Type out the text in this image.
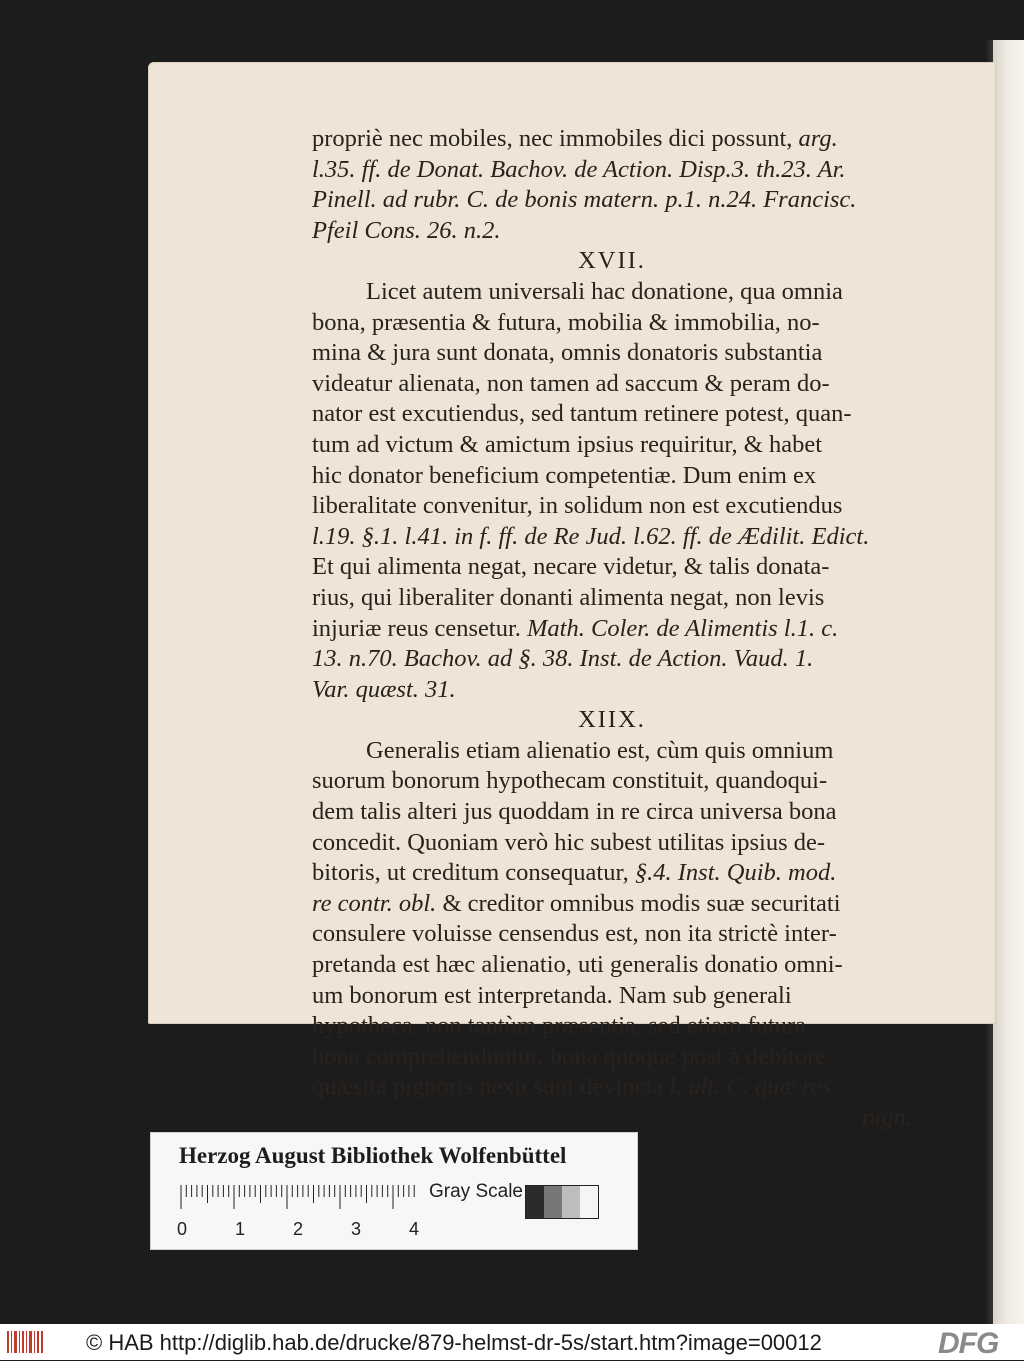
propriè nec mobiles, nec immobiles dici possunt, arg.
l.35. ff. de Donat. Bachov. de Action. Disp.3. th.23. Ar.
Pinell. ad rubr. C. de bonis matern. p.1. n.24. Francisc.
Pfeil Cons. 26. n.2.
XVII.
Licet autem universali hac donatione, qua omnia
bona, præsentia & futura, mobilia & immobilia, no-
mina & jura sunt donata, omnis donatoris substantia
videatur alienata, non tamen ad saccum & peram do-
nator est excutiendus, sed tantum retinere potest, quan-
tum ad victum & amictum ipsius requiritur, & habet
hic donator beneficium competentiæ. Dum enim ex
liberalitate convenitur, in solidum non est excutiendus
l.19. §.1. l.41. in f. ff. de Re Jud. l.62. ff. de Ædilit. Edict.
Et qui alimenta negat, necare videtur, & talis donata-
rius, qui liberaliter donanti alimenta negat, non levis
injuriæ reus censetur. Math. Coler. de Alimentis l.1. c.
13. n.70. Bachov. ad §. 38. Inst. de Action. Vaud. 1.
Var. quæst. 31.
XIIX.
Generalis etiam alienatio est, cùm quis omnium
suorum bonorum hypothecam constituit, quandoqui-
dem talis alteri jus quoddam in re circa universa bona
concedit. Quoniam verò hic subest utilitas ipsius de-
bitoris, ut creditum consequatur, §.4. Inst. Quib. mod.
re contr. obl. & creditor omnibus modis suæ securitati
consulere voluisse censendus est, non ita strictè inter-
pretanda est hæc alienatio, uti generalis donatio omni-
um bonorum est interpretanda. Nam sub generali
hypotheca, non tantùm præsentia, sed etiam futura
bona comprehenduntur, bona quoque post à debitore
quæsita pignoris nexu sunt devincta l. ult. C. quæ res
pign.
Herzog August Bibliothek Wolfenbüttel
0	1	2	3	4
Gray Scale
© HAB http://diglib.hab.de/drucke/879-helmst-dr-5s/start.htm?image=00012	DFG
